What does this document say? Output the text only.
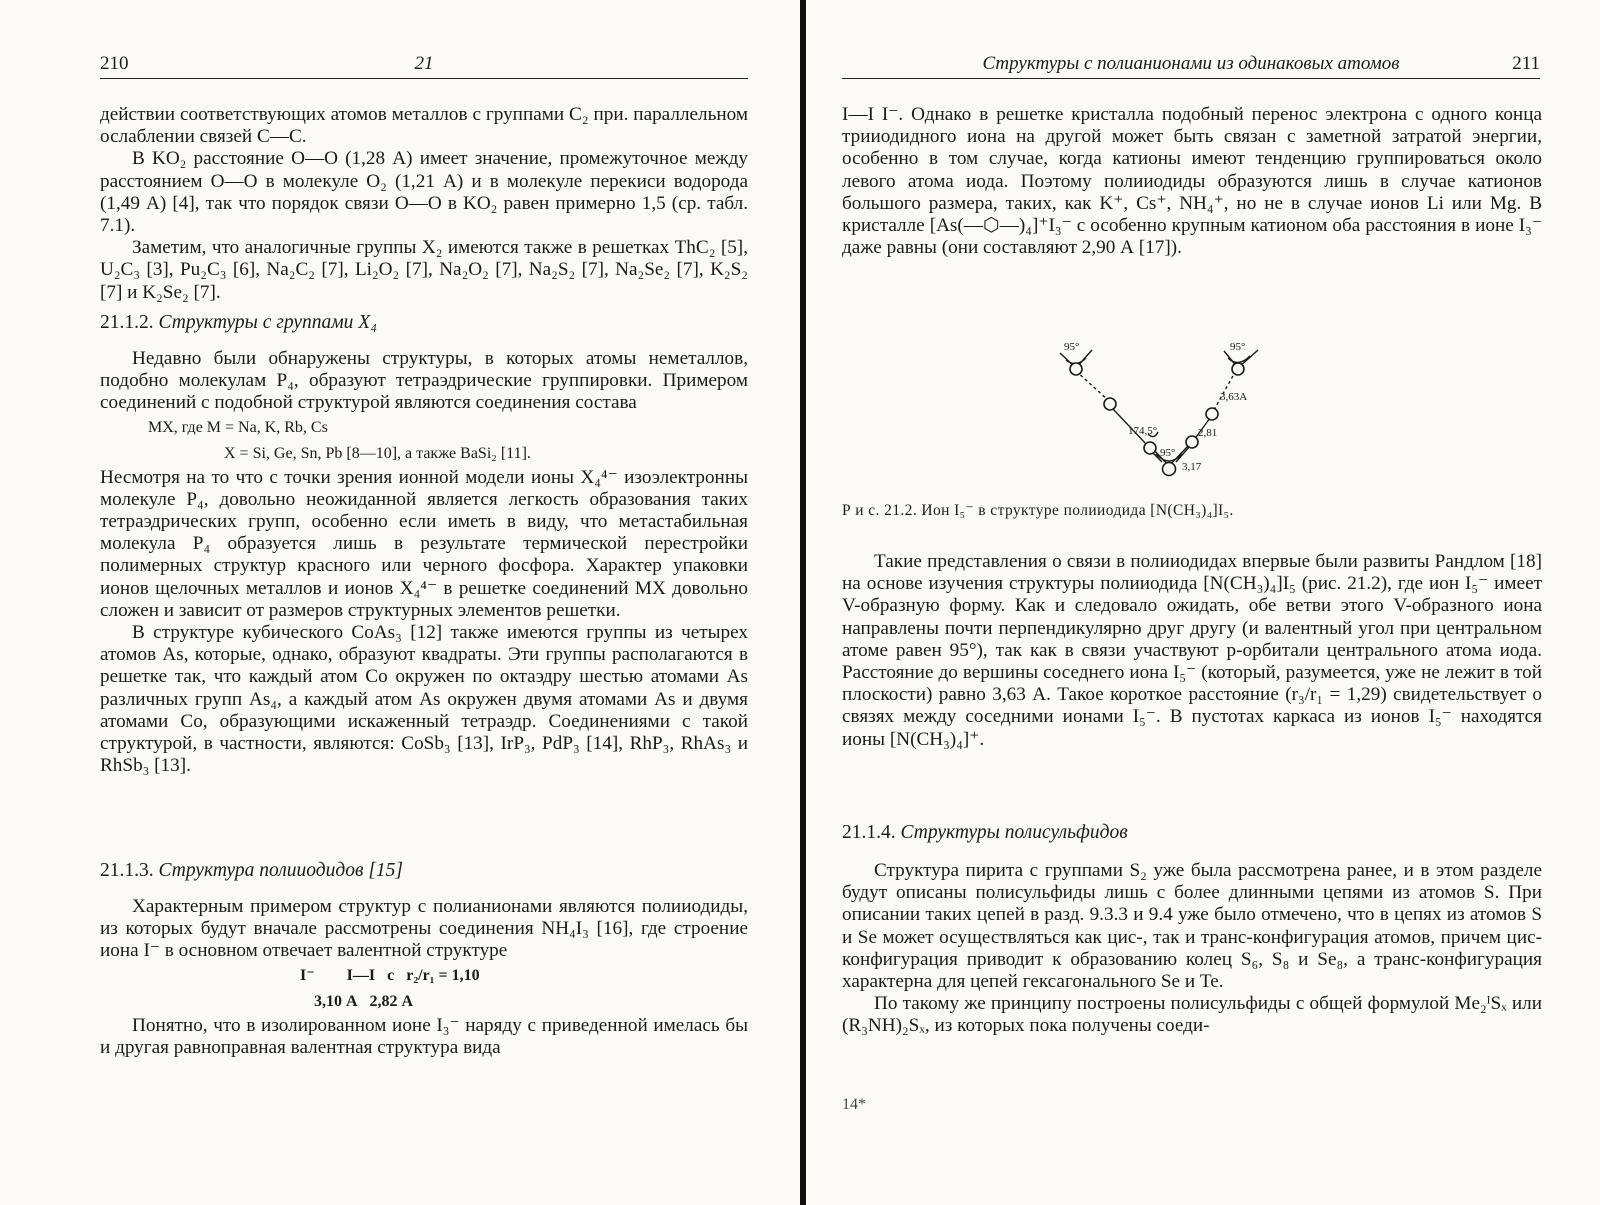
210	21

действии соответствующих атомов металлов с группами C₂ при. параллельном ослаблении связей C—C.

В KO₂ расстояние O—O (1,28 А) имеет значение, промежуточное между расстоянием O—O в молекуле O₂ (1,21 А) и в молекуле перекиси водорода (1,49 А) [4], так что порядок связи O—O в KO₂ равен примерно 1,5 (ср. табл. 7.1).

Заметим, что аналогичные группы X₂ имеются также в решетках ThC₂ [5], U₂C₃ [3], Pu₂C₃ [6], Na₂C₂ [7], Li₂O₂ [7], Na₂O₂ [7], Na₂S₂ [7], Na₂Se₂ [7], K₂S₂ [7] и K₂Se₂ [7].

21.1.2. Структуры с группами X₄

Недавно были обнаружены структуры, в которых атомы неметаллов, подобно молекулам P₄, образуют тетраэдрические группировки. Примером соединений с подобной структурой являются соединения состава

MX, где M = Na, K, Rb, Cs
X = Si, Ge, Sn, Pb [8—10], а также BaSi₂ [11].

Несмотря на то что с точки зрения ионной модели ионы X₄⁴⁻ изоэлектронны молекуле P₄, довольно неожиданной является легкость образования таких тетраэдрических групп, особенно если иметь в виду, что метастабильная молекула P₄ образуется лишь в результате термической перестройки полимерных структур красного или черного фосфора. Характер упаковки ионов щелочных металлов и ионов X₄⁴⁻ в решетке соединений MX довольно сложен и зависит от размеров структурных элементов решетки.

В структуре кубического CoAs₃ [12] также имеются группы из четырех атомов As, которые, однако, образуют квадраты. Эти группы располагаются в решетке так, что каждый атом Co окружен по октаэдру шестью атомами As различных групп As₄, а каждый атом As окружен двумя атомами As и двумя атомами Co, образующими искаженный тетраэдр. Соединениями с такой структурой, в частности, являются: CoSb₃ [13], IrP₃, PdP₃ [14], RhP₃, RhAs₃ и RhSb₃ [13].

21.1.3. Структура полииодидов [15]

Характерным примером структур с полианионами являются полииодиды, из которых будут вначале рассмотрены соединения NH₄I₃ [16], где строение иона I⁻ в основном отвечает валентной структуре

I⁻        I—I   с   r₂/r₁ = 1,10
3,10 А   2,82 А

Понятно, что в изолированном ионе I₃⁻ наряду с приведенной имелась бы и другая равноправная валентная структура вида

Структуры с полианионами из одинаковых атомов	211

I—I I⁻. Однако в решетке кристалла подобный перенос электрона с одного конца трииодидного иона на другой может быть связан с заметной затратой энергии, особенно в том случае, когда катионы имеют тенденцию группироваться около левого атома иода. Поэтому полииодиды образуются лишь в случае катионов большого размера, таких, как K⁺, Cs⁺, NH₄⁺, но не в случае ионов Li или Mg. В кристалле [As(—⬡—)₄]⁺I₃⁻ с особенно крупным катионом оба расстояния в ионе I₃⁻ даже равны (они составляют 2,90 А [17]).

95°	95°
95°
174,5°
3,63А
2,81
3,17
Р и с. 21.2. Ион I₅⁻ в структуре полииодида [N(CH₃)₄]I₅.

Такие представления о связи в полииодидах впервые были развиты Рандлом [18] на основе изучения структуры полииодида [N(CH₃)₄]I₅ (рис. 21.2), где ион I₅⁻ имеет V-образную форму. Как и следовало ожидать, обе ветви этого V-образного иона направлены почти перпендикулярно друг другу (и валентный угол при центральном атоме равен 95°), так как в связи участвуют p-орбитали центрального атома иода. Расстояние до вершины соседнего иона I₅⁻ (который, разумеется, уже не лежит в той плоскости) равно 3,63 А. Такое короткое расстояние (r₃/r₁ = 1,29) свидетельствует о связях между соседними ионами I₅⁻. В пустотах каркаса из ионов I₅⁻ находятся ионы [N(CH₃)₄]⁺.

21.1.4. Структуры полисульфидов

Структура пирита с группами S₂ уже была рассмотрена ранее, и в этом разделе будут описаны полисульфиды лишь с более длинными цепями из атомов S. При описании таких цепей в разд. 9.3.3 и 9.4 уже было отмечено, что в цепях из атомов S и Se может осуществляться как цис-, так и транс-конфигурация атомов, причем цис-конфигурация приводит к образованию колец S₆, S₈ и Se₈, а транс-конфигурация характерна для цепей гексагонального Se и Te.

По такому же принципу построены полисульфиды с общей формулой Me₂ᴵSₓ или (R₃NH)₂Sₓ, из которых пока получены соеди-

14*
